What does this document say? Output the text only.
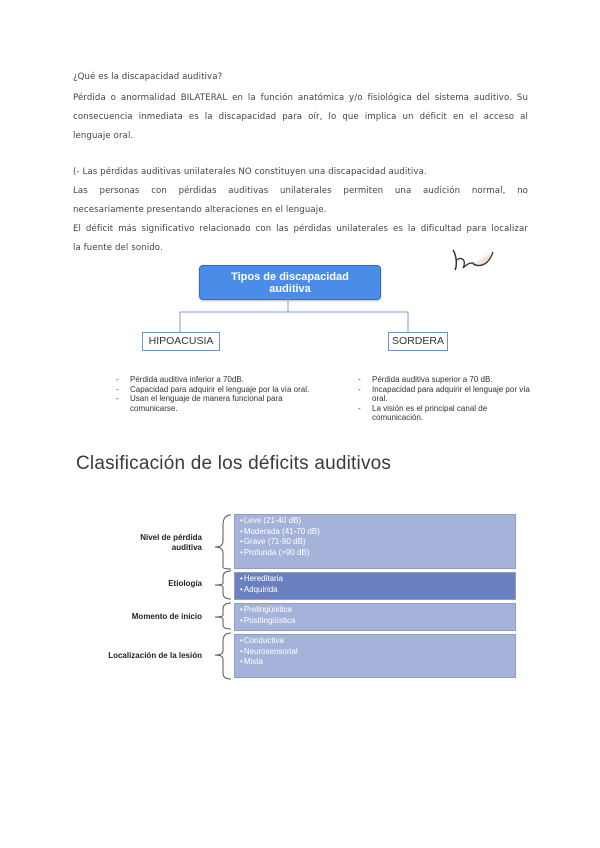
¿Qué es la discapacidad auditiva?
Pérdida o anormalidad BILATERAL en la función anatómica y/o fisiológica del sistema auditivo. Su
consecuencia inmediata es la discapacidad para oír, lo que implica un déficit en el acceso al
lenguaje oral.
(- Las pérdidas auditivas unilaterales NO constituyen una discapacidad auditiva.
Las personas con pérdidas auditivas unilaterales permiten una audición normal, no
necesariamente presentando alteraciones en el lenguaje.
El déficit más significativo relacionado con las pérdidas unilaterales es la dificultad para localizar
la fuente del sonido.
Tipos de discapacidad auditiva
HIPOACUSIA	SORDERA
- Pérdida auditiva inferior a 70dB.
- Capacidad para adquirir el lenguaje por la vía oral.
- Usan el lenguaje de manera funcional para comunicarse.
- Pérdida auditiva superior a 70 dB.
- Incapacidad para adquirir el lenguaje por vía oral.
- La visión es el principal canal de comunicación.
Clasificación de los déficits auditivos
Nivel de pérdida auditiva
Etiología
Momento de inicio
Localización de la lesión
• Leve (21-40 dB)
• Moderada (41-70 dB)
• Grave (71-90 dB)
• Profunda (>90 dB)
• Hereditaria
• Adquirida
• Prelingüística
• Postlingüística
• Conductiva
• Neurosensorial
• Mixta
